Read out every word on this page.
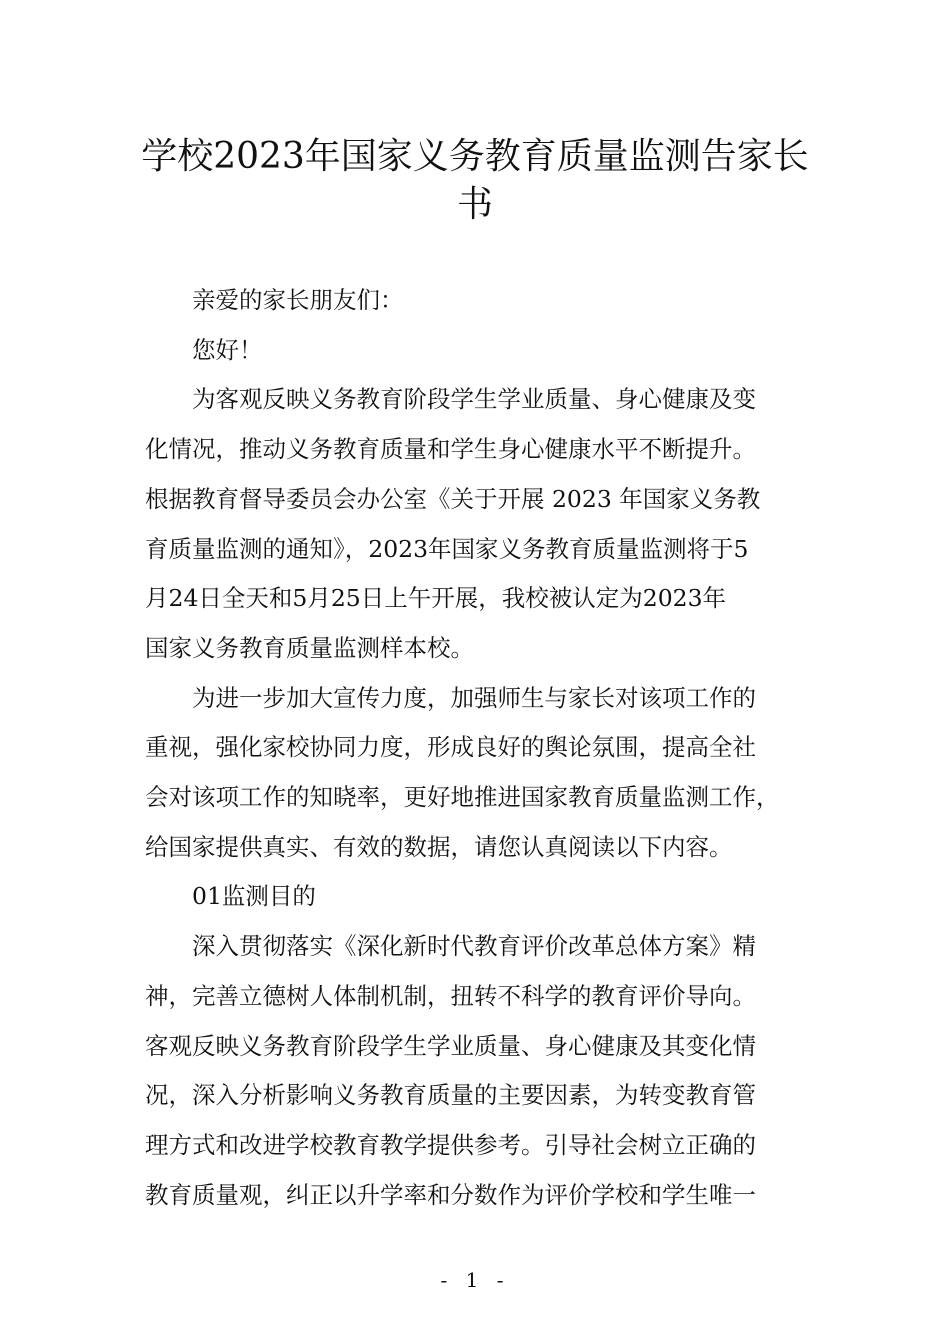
学校2023年国家义务教育质量监测告家长
书

亲爱的家长朋友们：

您好！

为客观反映义务教育阶段学生学业质量、身心健康及变
化情况，推动义务教育质量和学生身心健康水平不断提升。
根据教育督导委员会办公室《关于开展 2023 年国家义务教
育质量监测的通知》，2023年国家义务教育质量监测将于5
月24日全天和5月25日上午开展，我校被认定为2023年
国家义务教育质量监测样本校。

为进一步加大宣传力度，加强师生与家长对该项工作的
重视，强化家校协同力度，形成良好的舆论氛围，提高全社
会对该项工作的知晓率，更好地推进国家教育质量监测工作，
给国家提供真实、有效的数据，请您认真阅读以下内容。

01监测目的

深入贯彻落实《深化新时代教育评价改革总体方案》精
神，完善立德树人体制机制，扭转不科学的教育评价导向。
客观反映义务教育阶段学生学业质量、身心健康及其变化情
况，深入分析影响义务教育质量的主要因素，为转变教育管
理方式和改进学校教育教学提供参考。引导社会树立正确的
教育质量观，纠正以升学率和分数作为评价学校和学生唯一

- 1 -
